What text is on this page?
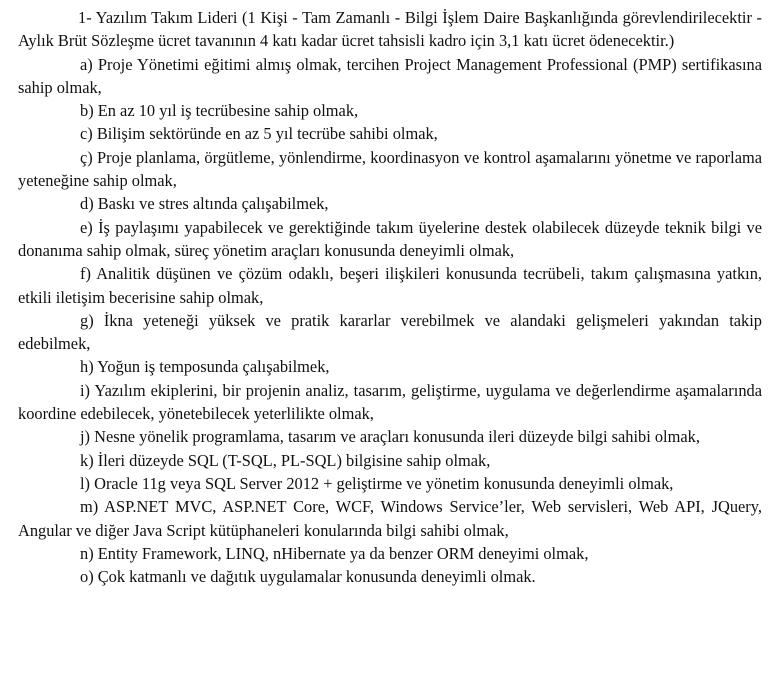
1- Yazılım Takım Lideri (1 Kişi - Tam Zamanlı - Bilgi İşlem Daire Başkanlığında görevlendirilecektir - Aylık Brüt Sözleşme ücret tavanının 4 katı kadar ücret tahsisli kadro için 3,1 katı ücret ödenecektir.)

a) Proje Yönetimi eğitimi almış olmak, tercihen Project Management Professional (PMP) sertifikasına sahip olmak,

b) En az 10 yıl iş tecrübesine sahip olmak,

c) Bilişim sektöründe en az 5 yıl tecrübe sahibi olmak,

ç) Proje planlama, örgütleme, yönlendirme, koordinasyon ve kontrol aşamalarını yönetme ve raporlama yeteneğine sahip olmak,

d) Baskı ve stres altında çalışabilmek,

e) İş paylaşımı yapabilecek ve gerektiğinde takım üyelerine destek olabilecek düzeyde teknik bilgi ve donanıma sahip olmak, süreç yönetim araçları konusunda deneyimli olmak,

f) Analitik düşünen ve çözüm odaklı, beşeri ilişkileri konusunda tecrübeli, takım çalışmasına yatkın, etkili iletişim becerisine sahip olmak,

g) İkna yeteneği yüksek ve pratik kararlar verebilmek ve alandaki gelişmeleri yakından takip edebilmek,

h) Yoğun iş temposunda çalışabilmek,

i) Yazılım ekiplerini, bir projenin analiz, tasarım, geliştirme, uygulama ve değerlendirme aşamalarında koordine edebilecek, yönetebilecek yeterlilikte olmak,

j) Nesne yönelik programlama, tasarım ve araçları konusunda ileri düzeyde bilgi sahibi olmak,

k) İleri düzeyde SQL (T-SQL, PL-SQL) bilgisine sahip olmak,

l) Oracle 11g veya SQL Server 2012 + geliştirme ve yönetim konusunda deneyimli olmak,

m) ASP.NET MVC, ASP.NET Core, WCF, Windows Service’ler, Web servisleri, Web API, JQuery, Angular ve diğer Java Script kütüphaneleri konularında bilgi sahibi olmak,

n) Entity Framework, LINQ, nHibernate ya da benzer ORM deneyimi olmak,

o) Çok katmanlı ve dağıtık uygulamalar konusunda deneyimli olmak.
